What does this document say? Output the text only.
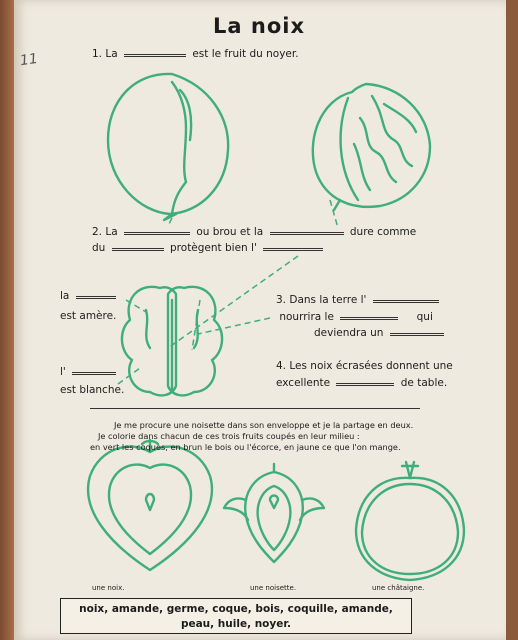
11
La noix
1. La	est le fruit du noyer.
2. La	ou brou et la	dure comme
du	protègent bien l'
la
est amère.
l'
est blanche.
3. Dans la terre l'
nourrira le	qui
deviendra un
4. Les noix écrasées donnent une
excellente	de table.
Je me procure une noisette dans son enveloppe et je la partage en deux.
Je colorie dans chacun de ces trois fruits coupés en leur milieu :
en vert les coques, en brun le bois ou l'écorce, en jaune ce que l'on mange.
une noix.	une noisette.	une châtaigne.
noix, amande, germe, coque, bois, coquille, amande,
peau, huile, noyer.
